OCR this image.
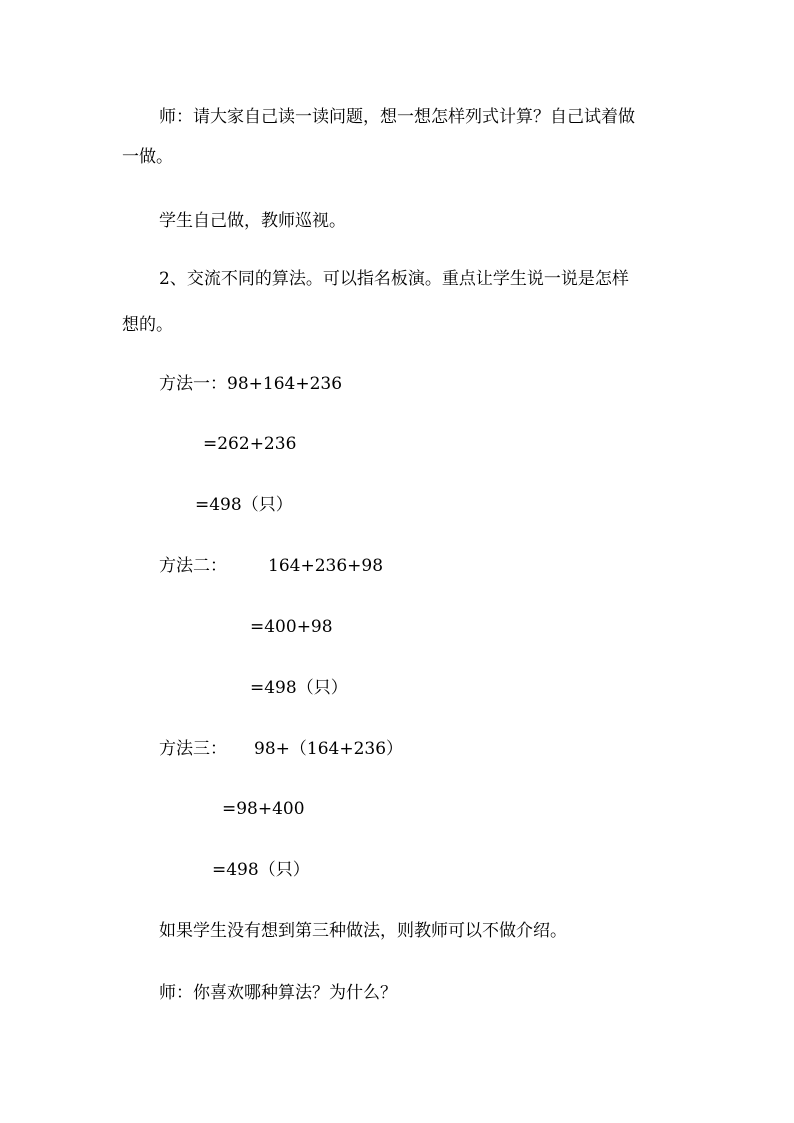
师：请大家自己读一读问题，想一想怎样列式计算？自己试着做
一做。
学生自己做，教师巡视。
2、交流不同的算法。可以指名板演。重点让学生说一说是怎样
想的。
方法一：98+164+236
=262+236
=498（只）
方法二： 164+236+98
=400+98
=498（只）
方法三： 98+（164+236）
=98+400
=498（只）
如果学生没有想到第三种做法，则教师可以不做介绍。
师：你喜欢哪种算法？为什么？
